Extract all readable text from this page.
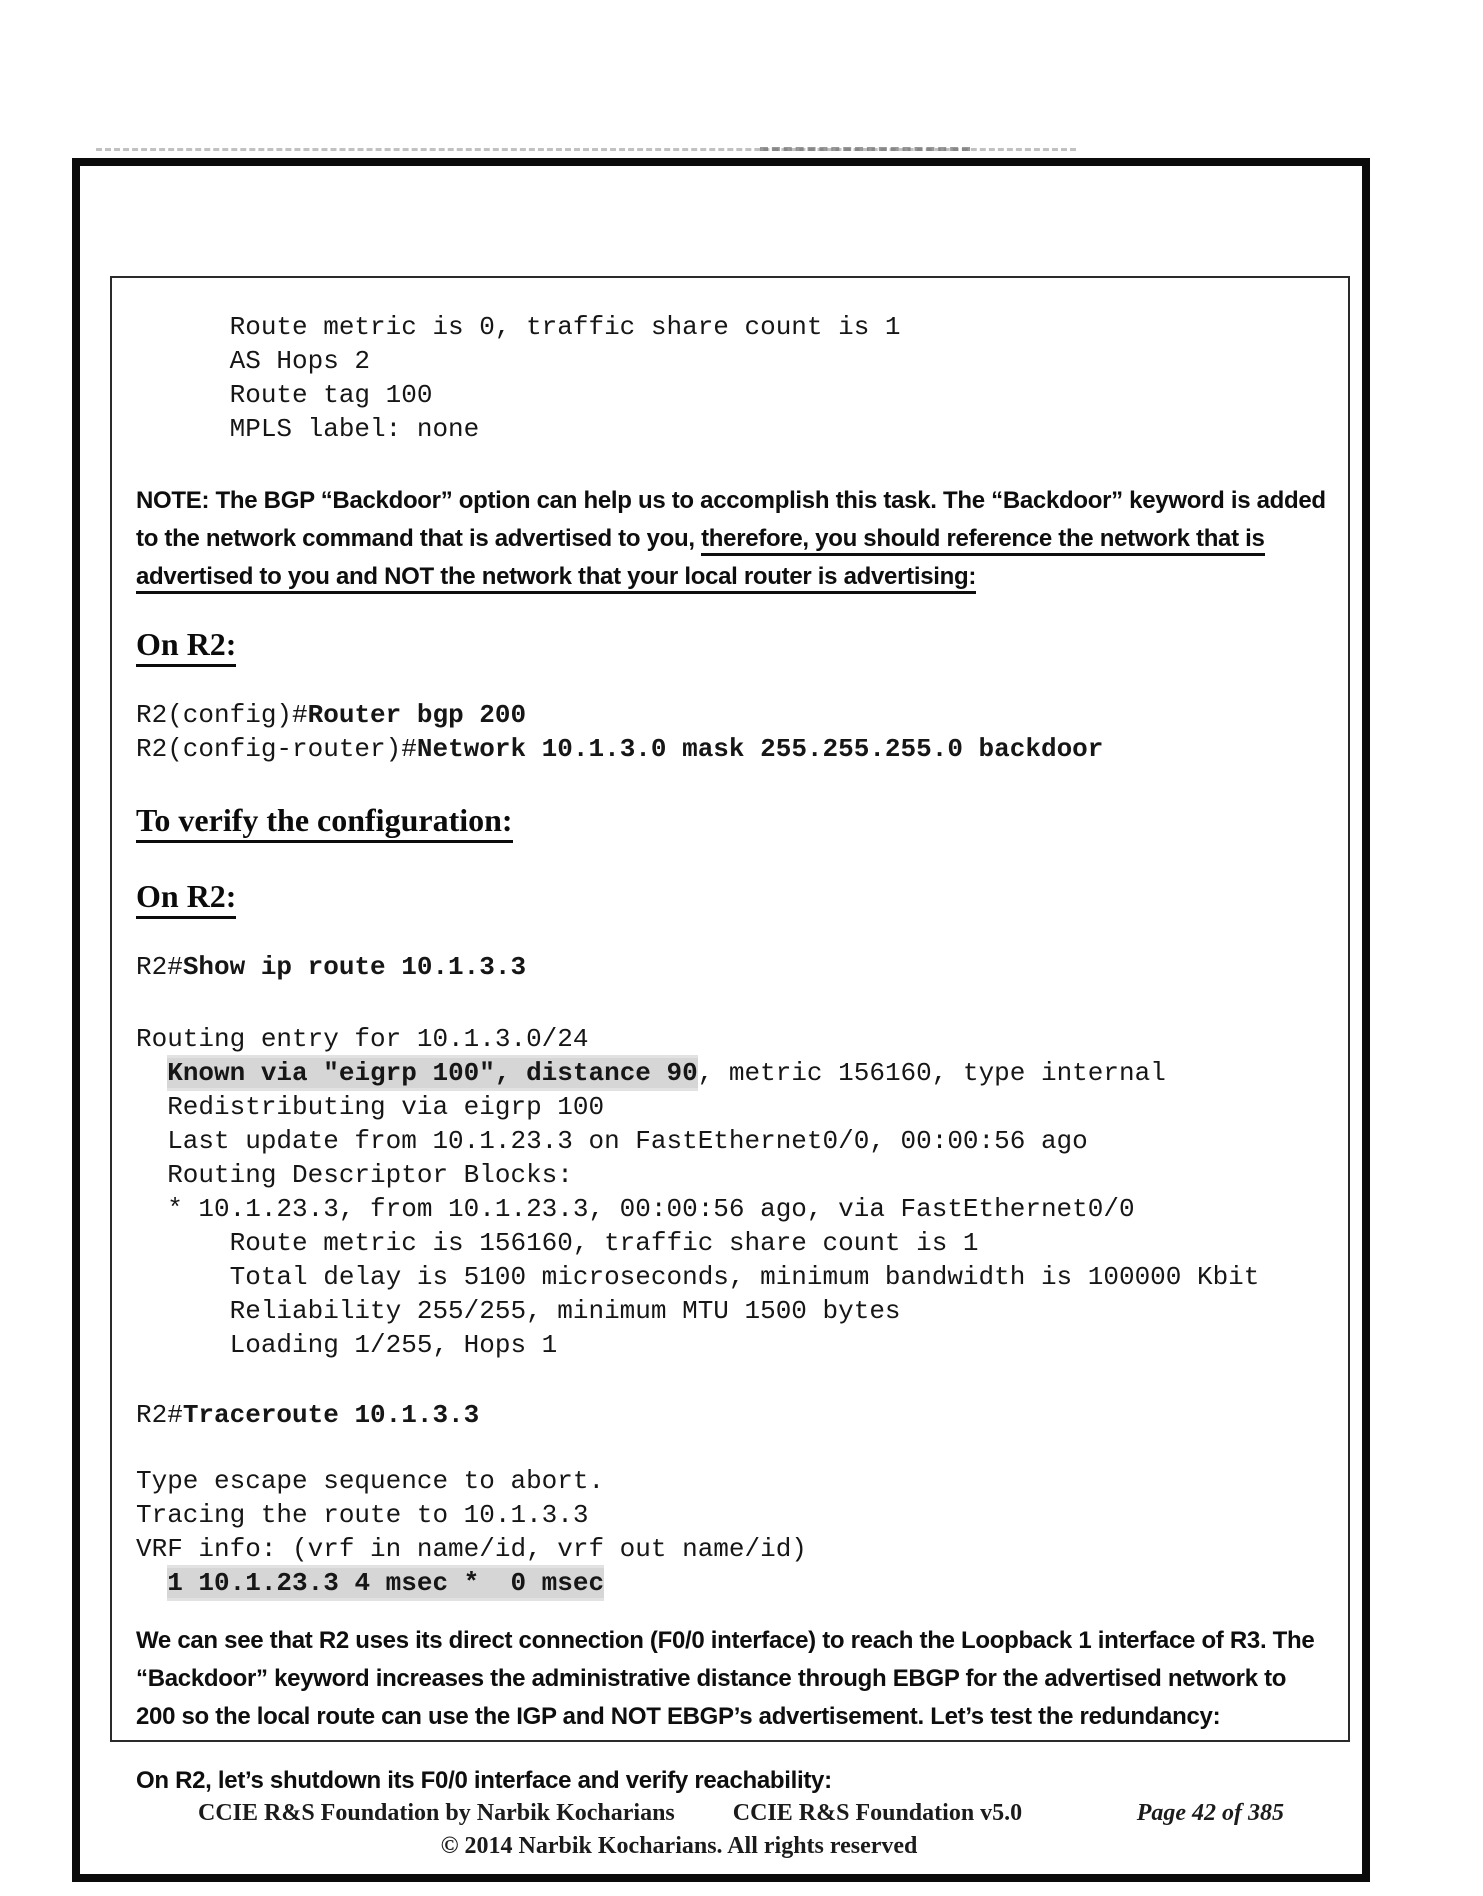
Route metric is 0, traffic share count is 1
AS Hops 2
Route tag 100
MPLS label: none
NOTE: The BGP “Backdoor” option can help us to accomplish this task. The “Backdoor” keyword is added
to the network command that is advertised to you, therefore, you should reference the network that is
advertised to you and NOT the network that your local router is advertising:
On R2:
R2(config)#Router bgp 200
R2(config-router)#Network 10.1.3.0 mask 255.255.255.0 backdoor
To verify the configuration:
On R2:
R2#Show ip route 10.1.3.3
Routing entry for 10.1.3.0/24
Known via "eigrp 100", distance 90, metric 156160, type internal
Redistributing via eigrp 100
Last update from 10.1.23.3 on FastEthernet0/0, 00:00:56 ago
Routing Descriptor Blocks:
* 10.1.23.3, from 10.1.23.3, 00:00:56 ago, via FastEthernet0/0
Route metric is 156160, traffic share count is 1
Total delay is 5100 microseconds, minimum bandwidth is 100000 Kbit
Reliability 255/255, minimum MTU 1500 bytes
Loading 1/255, Hops 1
R2#Traceroute 10.1.3.3
Type escape sequence to abort.
Tracing the route to 10.1.3.3
VRF info: (vrf in name/id, vrf out name/id)
1 10.1.23.3 4 msec *  0 msec
We can see that R2 uses its direct connection (F0/0 interface) to reach the Loopback 1 interface of R3. The
“Backdoor” keyword increases the administrative distance through EBGP for the advertised network to
200 so the local route can use the IGP and NOT EBGP’s advertisement. Let’s test the redundancy:
On R2, let’s shutdown its F0/0 interface and verify reachability:
CCIE R&S Foundation by Narbik Kocharians CCIE R&S Foundation v5.0	Page 42 of 385
© 2014 Narbik Kocharians. All rights reserved
